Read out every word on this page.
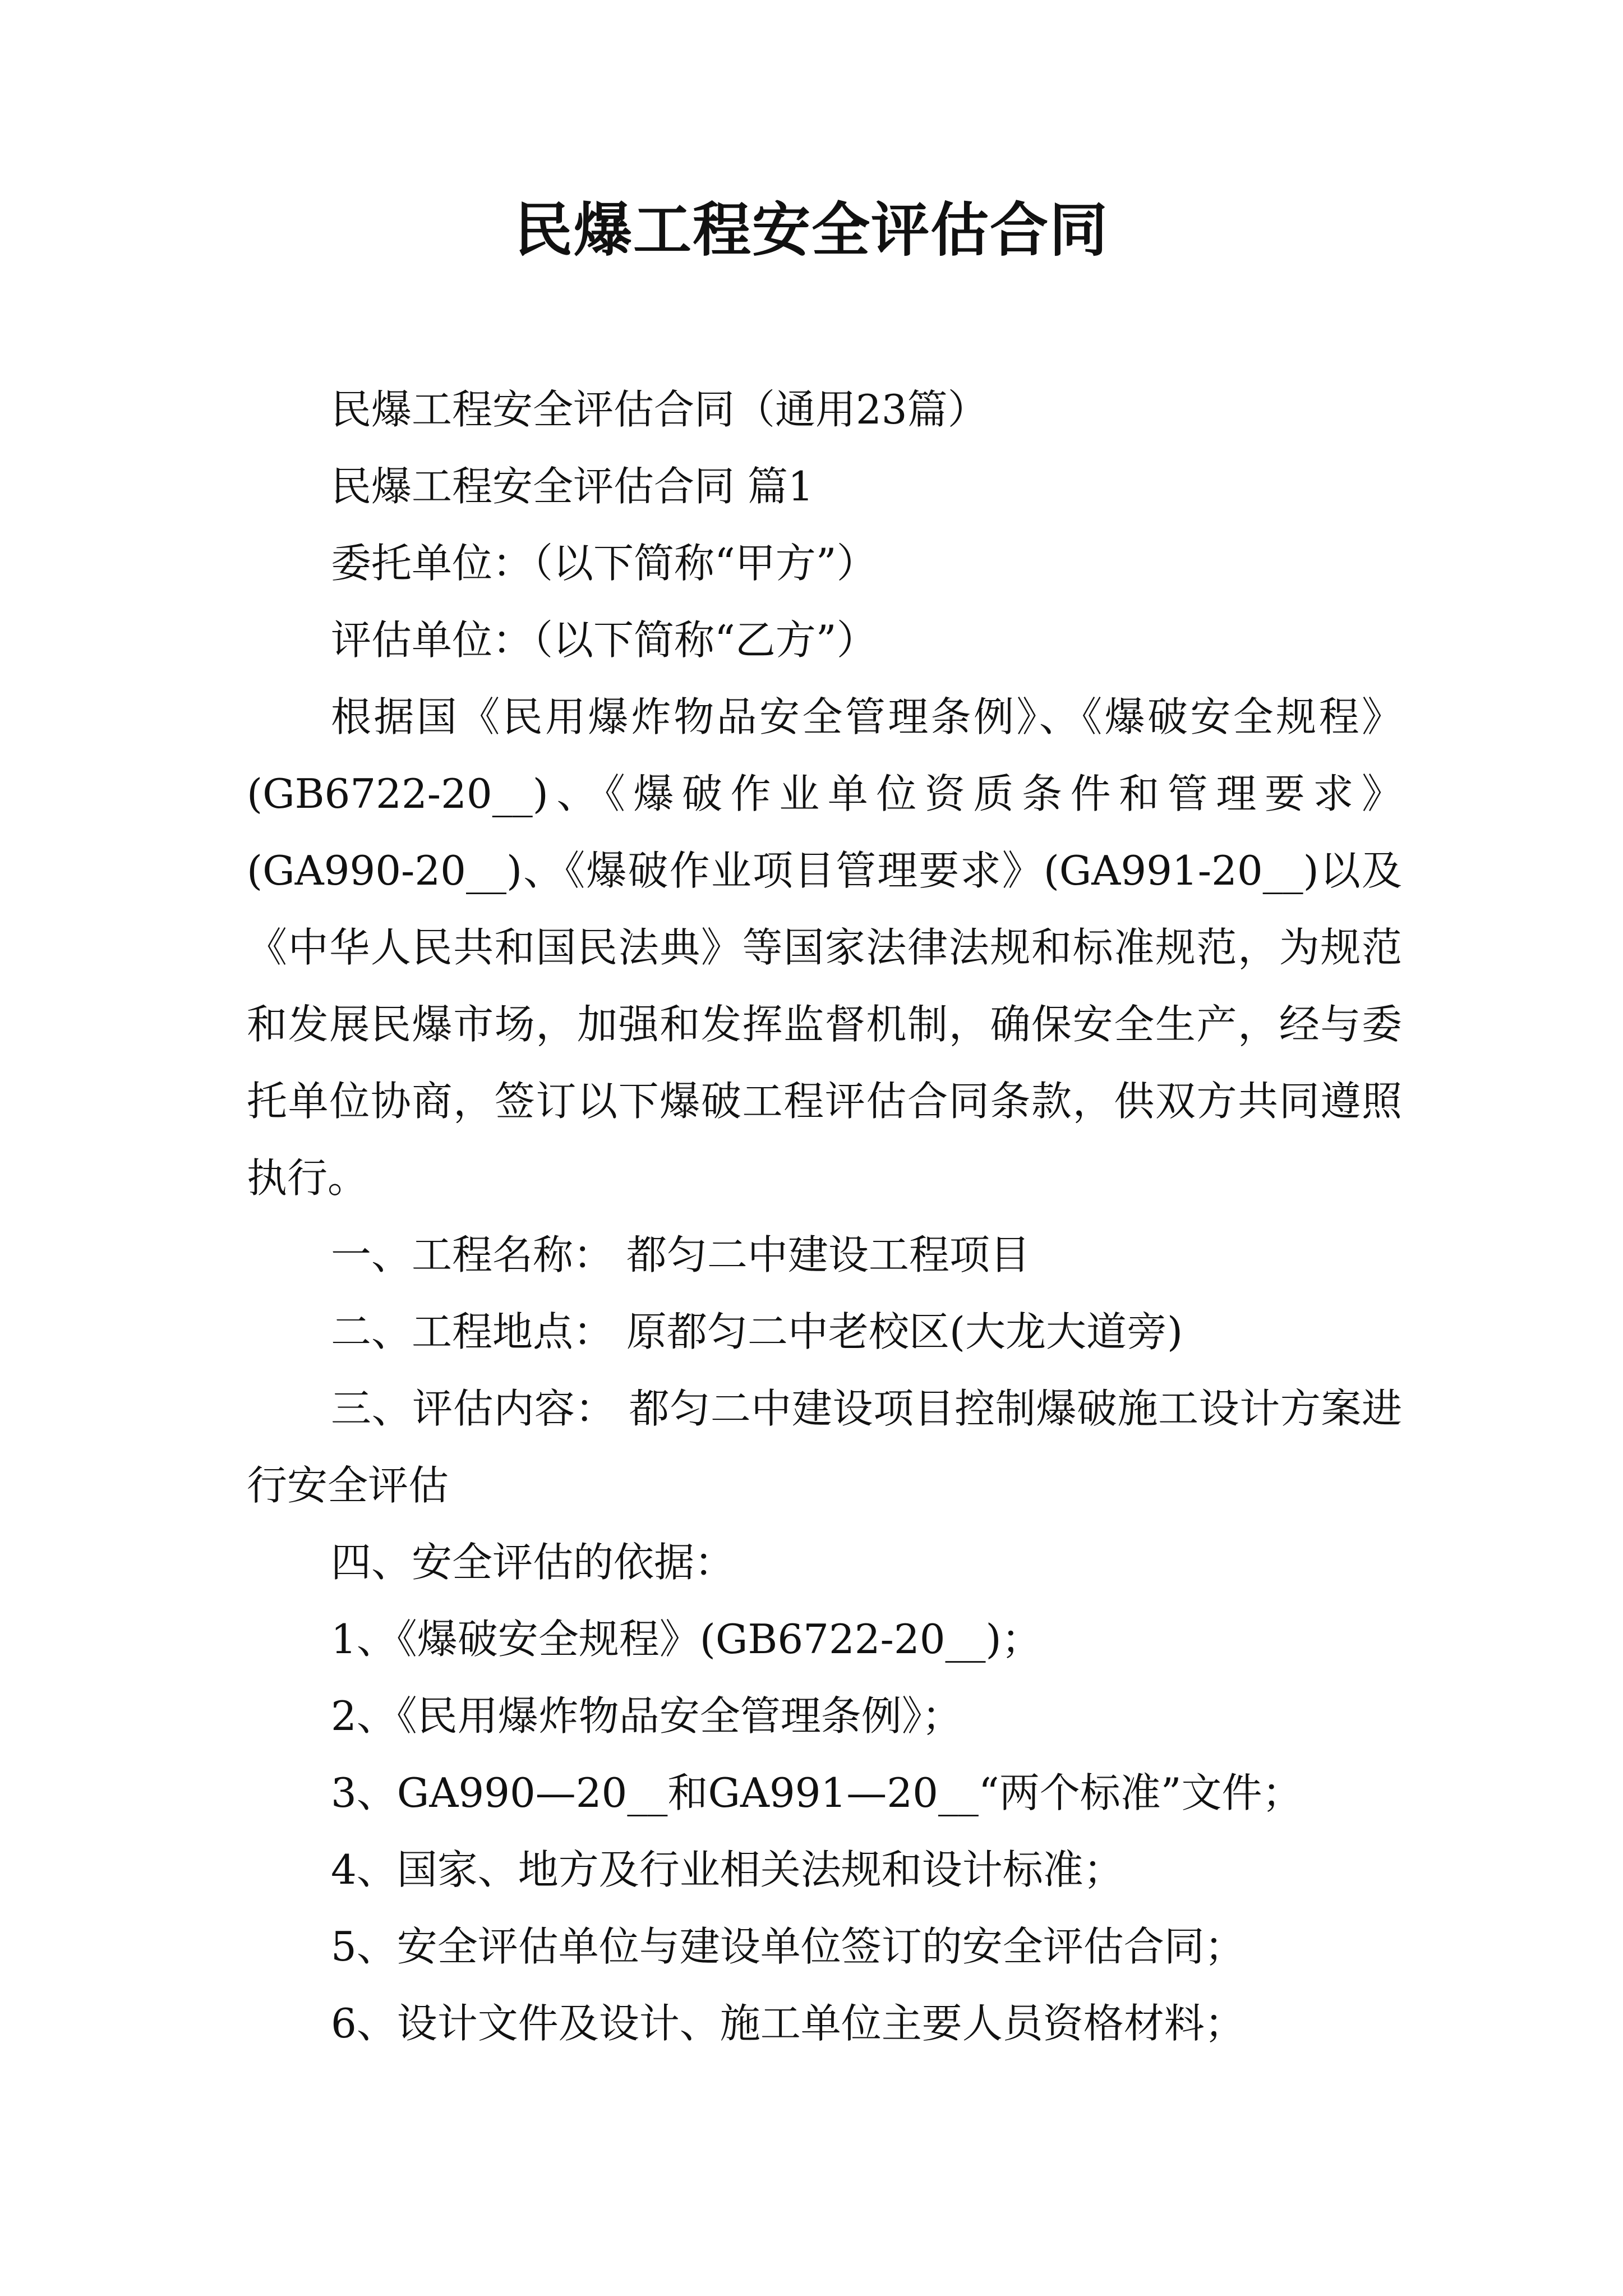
民爆工程安全评估合同

民爆工程安全评估合同（通用23篇）

民爆工程安全评估合同 篇1

委托单位：（以下简称“甲方”）

评估单位：（以下简称“乙方”）

根据国《民用爆炸物品安全管理条例》、《爆破安全规程》(GB6722-20__)、《爆破作业单位资质条件和管理要求》(GA990-20__)、《爆破作业项目管理要求》(GA991-20__)以及《中华人民共和国民法典》等国家法律法规和标准规范，为规范和发展民爆市场，加强和发挥监督机制，确保安全生产，经与委托单位协商，签订以下爆破工程评估合同条款，供双方共同遵照执行。

一、工程名称： 都匀二中建设工程项目

二、工程地点： 原都匀二中老校区(大龙大道旁)

三、评估内容： 都匀二中建设项目控制爆破施工设计方案进行安全评估

四、安全评估的依据：

1、《爆破安全规程》(GB6722-20__)；

2、《民用爆炸物品安全管理条例》；

3、GA990—20__和GA991—20__“两个标准”文件；

4、国家、地方及行业相关法规和设计标准；

5、安全评估单位与建设单位签订的安全评估合同；

6、设计文件及设计、施工单位主要人员资格材料；
